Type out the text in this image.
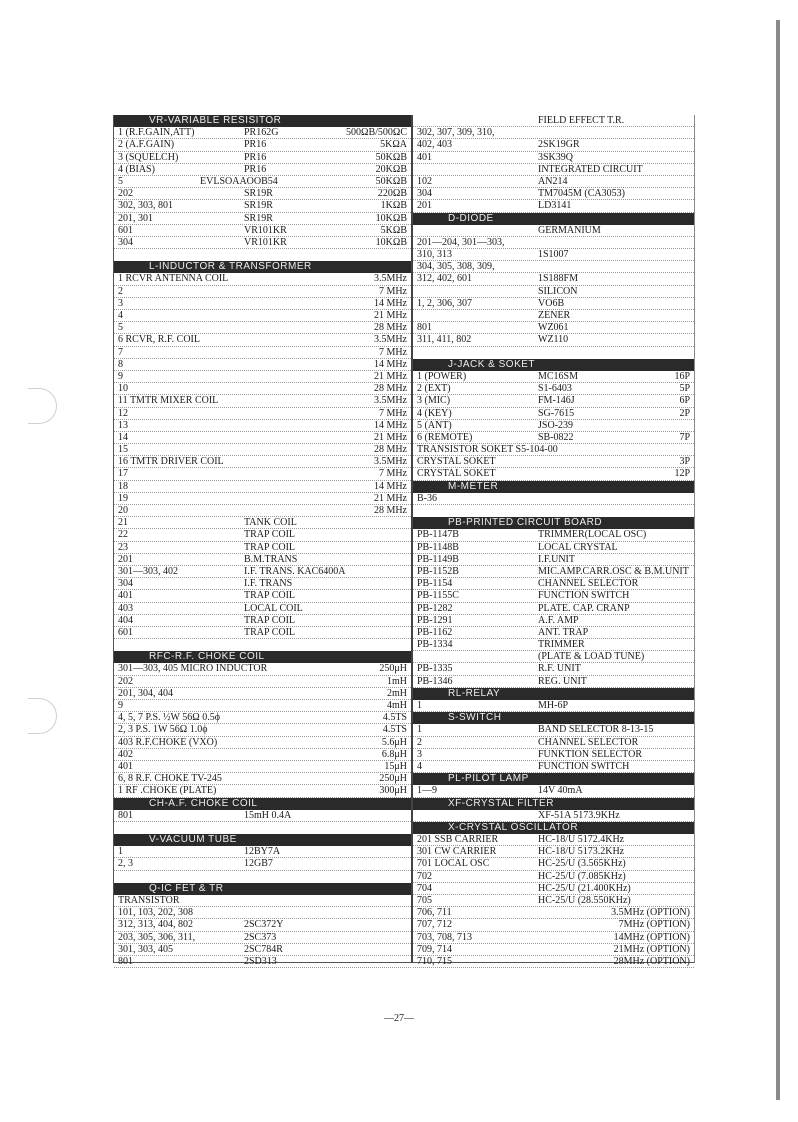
VR-VARIABLE RESISITOR
1 (R.F.GAIN,ATT)	PR162G	500ΩB/500ΩC
2 (A.F.GAIN)	PR16	5KΩA
3 (SQUELCH)	PR16	50KΩB
4 (BIAS)	PR16	20KΩB
5	EVLSOAAOOB54	50KΩB
202	SR19R	220ΩB
302, 303, 801	SR19R	1KΩB
201, 301	SR19R	10KΩB
601	VR101KR	5KΩB
304	VR101KR	10KΩB
L-INDUCTOR & TRANSFORMER
1 RCVR ANTENNA COIL	3.5MHz
2	7 MHz
3	14 MHz
4	21 MHz
5	28 MHz
6 RCVR, R.F. COIL	3.5MHz
7	7 MHz
8	14 MHz
9	21 MHz
10	28 MHz
11 TMTR MIXER COIL	3.5MHz
12	7 MHz
13	14 MHz
14	21 MHz
15	28 MHz
16 TMTR DRIVER COIL	3.5MHz
17	7 MHz
18	14 MHz
19	21 MHz
20	28 MHz
21	TANK COIL
22	TRAP COIL
23	TRAP COIL
201	B.M.TRANS
301—303, 402	I.F. TRANS. KAC6400A
304	I.F. TRANS
401	TRAP COIL
403	LOCAL COIL
404	TRAP COIL
601	TRAP COIL
RFC-R.F. CHOKE COIL
301—303, 405 MICRO INDUCTOR	250μH
202	1mH
201, 304, 404	2mH
9	4mH
4, 5, 7 P.S. ½W 56Ω 0.5ϕ	4.5TS
2, 3 P.S. 1W 56Ω 1.0ϕ	4.5TS
403 R.F.CHOKE (VXO)	5.6μH
402	6.8μH
401	15μH
6, 8 R.F. CHOKE TV-245	250μH
1 RF .CHOKE (PLATE)	300μH
CH-A.F. CHOKE COIL
801	15mH 0.4A
V-VACUUM TUBE
1	12BY7A
2, 3	12GB7
Q-IC FET & TR
TRANSISTOR
101, 103, 202, 308
312, 313, 404, 802	2SC372Y
203, 305, 306, 311,	2SC373
301, 303, 405	2SC784R
801	2SD313
FIELD EFFECT T.R.
302, 307, 309, 310,
402, 403	2SK19GR
401	3SK39Q
INTEGRATED CIRCUIT
102	AN214
304	TM7045M (CA3053)
201	LD3141
D-DIODE
GERMANIUM
201—204, 301—303,
310, 313	1S1007
304, 305, 308, 309,
312, 402, 601	1S188FM
SILICON
1, 2, 306, 307	VO6B
ZENER
801	WZ061
311, 411, 802	WZ110
J-JACK & SOKET
1 (POWER)	MC16SM	16P
2 (EXT)	S1-6403	5P
3 (MIC)	FM-146J	6P
4 (KEY)	SG-7615	2P
5 (ANT)	JSO-239
6 (REMOTE)	SB-0822	7P
TRANSISTOR SOKET S5-104-00
CRYSTAL SOKET	3P
CRYSTAL SOKET	12P
M-METER
B-36
PB-PRINTED CIRCUIT BOARD
PB-1147B	TRIMMER(LOCAL OSC)
PB-1148B	LOCAL CRYSTAL
PB-1149B	I.F.UNIT
PB-1152B	MIC.AMP.CARR.OSC & B.M.UNIT
PB-1154	CHANNEL SELECTOR
PB-1155C	FUNCTION SWITCH
PB-1282	PLATE. CAP. CRANP
PB-1291	A.F. AMP
PB-1162	ANT. TRAP
PB-1334	TRIMMER
(PLATE & LOAD TUNE)
PB-1335	R.F. UNIT
PB-1346	REG. UNIT
RL-RELAY
1	MH-6P
S-SWITCH
1	BAND SELECTOR 8-13-15
2	CHANNEL SELECTOR
3	FUNKTION SELECTOR
4	FUNCTION SWITCH
PL-PILOT LAMP
1—9	14V 40mA
XF-CRYSTAL FILTER
XF-51A 5173.9KHz
X-CRYSTAL OSCILLATOR
201 SSB CARRIER	HC-18/U 5172.4KHz
301 CW CARRIER	HC-18/U 5173.2KHz
701 LOCAL OSC	HC-25/U (3.565KHz)
702	HC-25/U (7.085KHz)
704	HC-25/U (21.400KHz)
705	HC-25/U (28.550KHz)
706, 711	3.5MHz (OPTION)
707, 712	7MHz (OPTION)
703, 708, 713	14MHz (OPTION)
709, 714	21MHz (OPTION)
710, 715	28MHz (OPTION)
—27—
